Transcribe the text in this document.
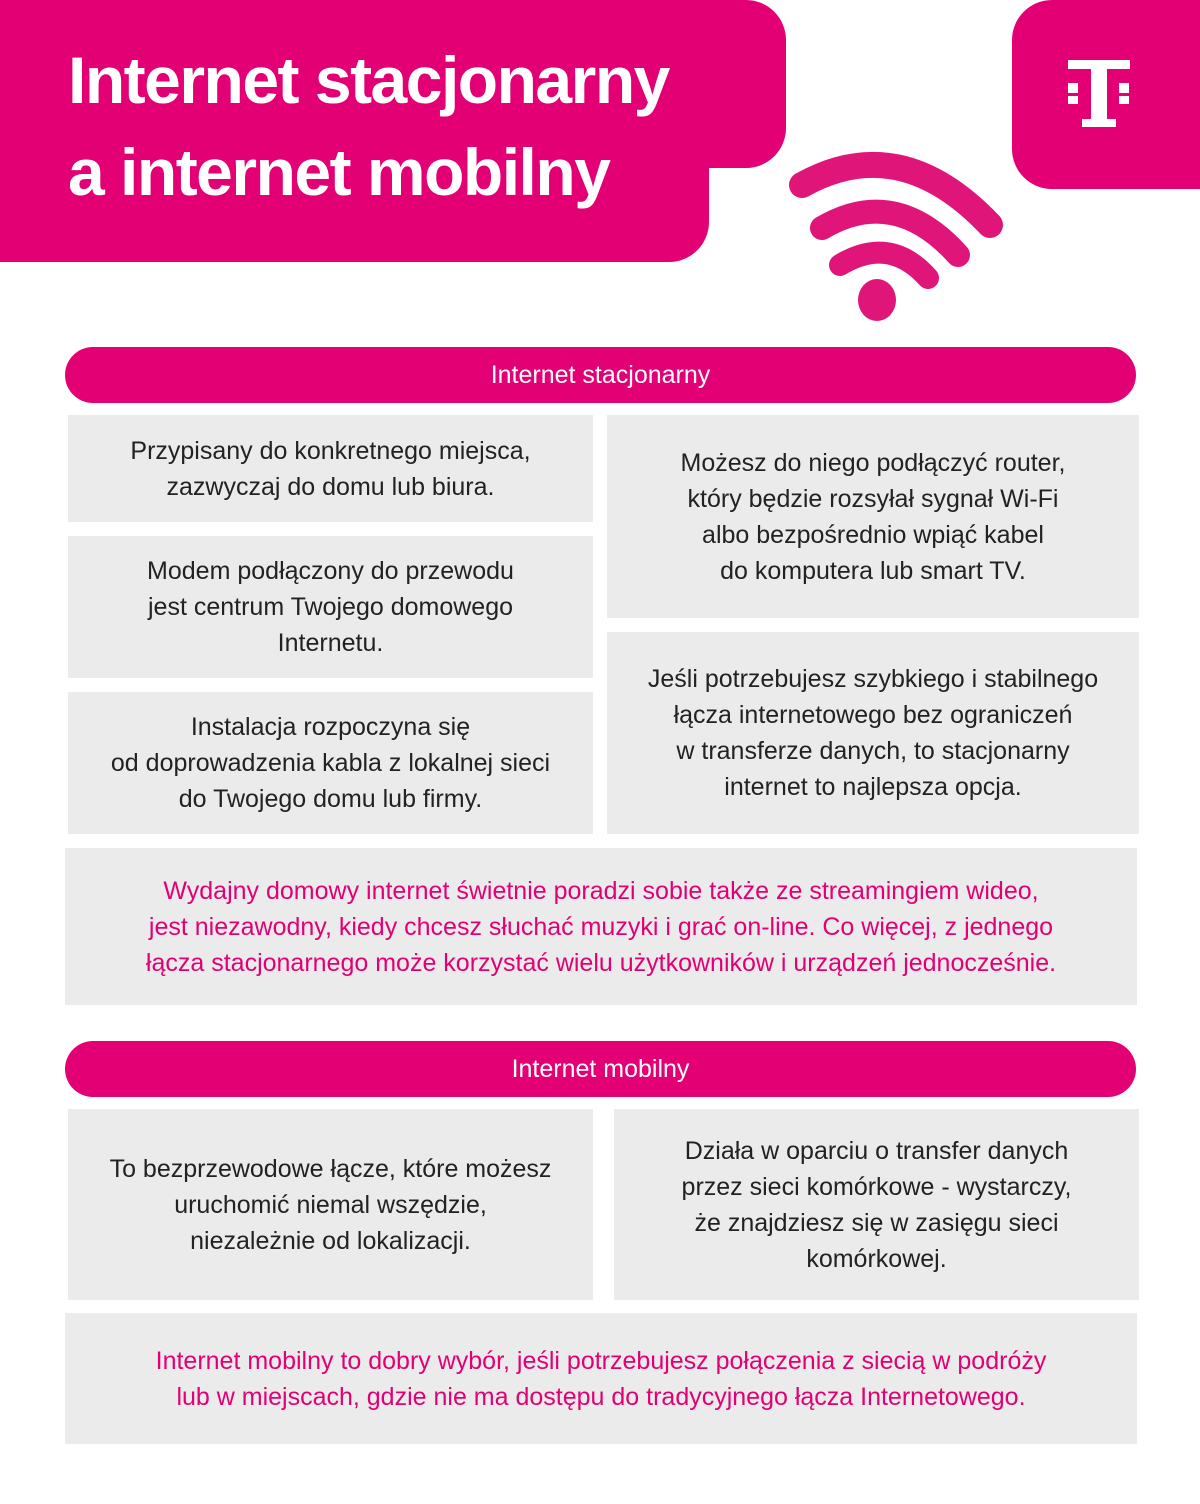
Internet stacjonarny
a internet mobilny
Internet stacjonarny
Przypisany do konkretnego miejsca,
zazwyczaj do domu lub biura.
Modem podłączony do przewodu
jest centrum Twojego domowego
Internetu.
Instalacja rozpoczyna się
od doprowadzenia kabla z lokalnej sieci
do Twojego domu lub firmy.
Możesz do niego podłączyć router,
który będzie rozsyłał sygnał Wi-Fi
albo bezpośrednio wpiąć kabel
do komputera lub smart TV.
Jeśli potrzebujesz szybkiego i stabilnego
łącza internetowego bez ograniczeń
w transferze danych, to stacjonarny
internet to najlepsza opcja.
Wydajny domowy internet świetnie poradzi sobie także ze streamingiem wideo,
jest niezawodny, kiedy chcesz słuchać muzyki i grać on-line. Co więcej, z jednego
łącza stacjonarnego może korzystać wielu użytkowników i urządzeń jednocześnie.
Internet mobilny
To bezprzewodowe łącze, które możesz
uruchomić niemal wszędzie,
niezależnie od lokalizacji.
Działa w oparciu o transfer danych
przez sieci komórkowe - wystarczy,
że znajdziesz się w zasięgu sieci
komórkowej.
Internet mobilny to dobry wybór, jeśli potrzebujesz połączenia z siecią w podróży
lub w miejscach, gdzie nie ma dostępu do tradycyjnego łącza Internetowego.
